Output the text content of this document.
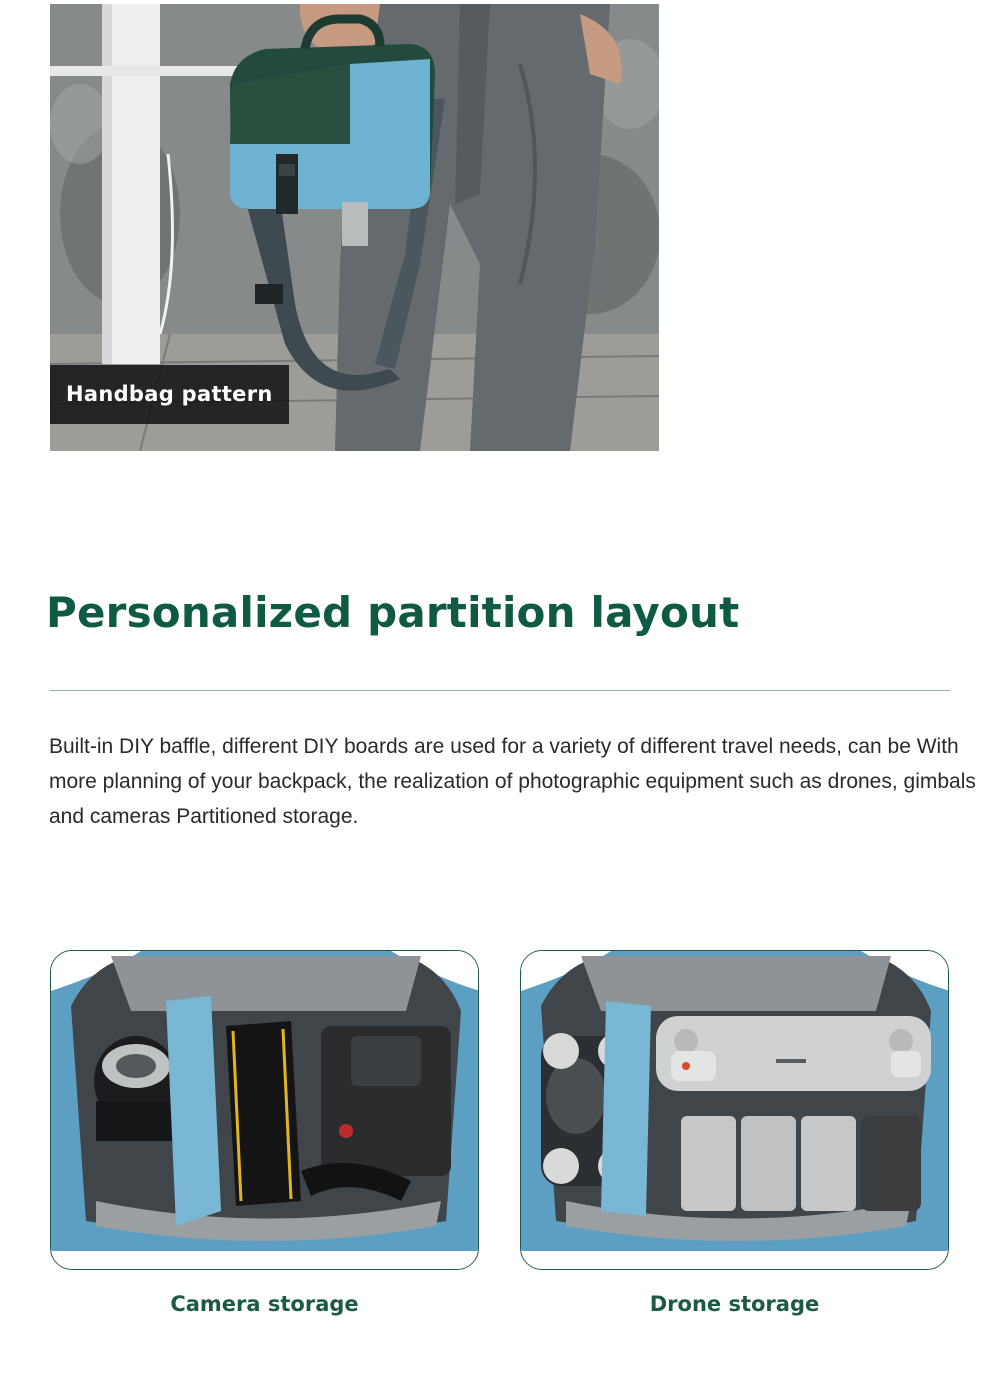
Handbag pattern
Personalized partition layout

Built-in DIY baffle, different DIY boards are used for a variety of different travel needs, can be With more planning of your backpack, the realization of photographic equipment such as drones, gimbals and cameras Partitioned storage.

Camera storage	Drone storage
